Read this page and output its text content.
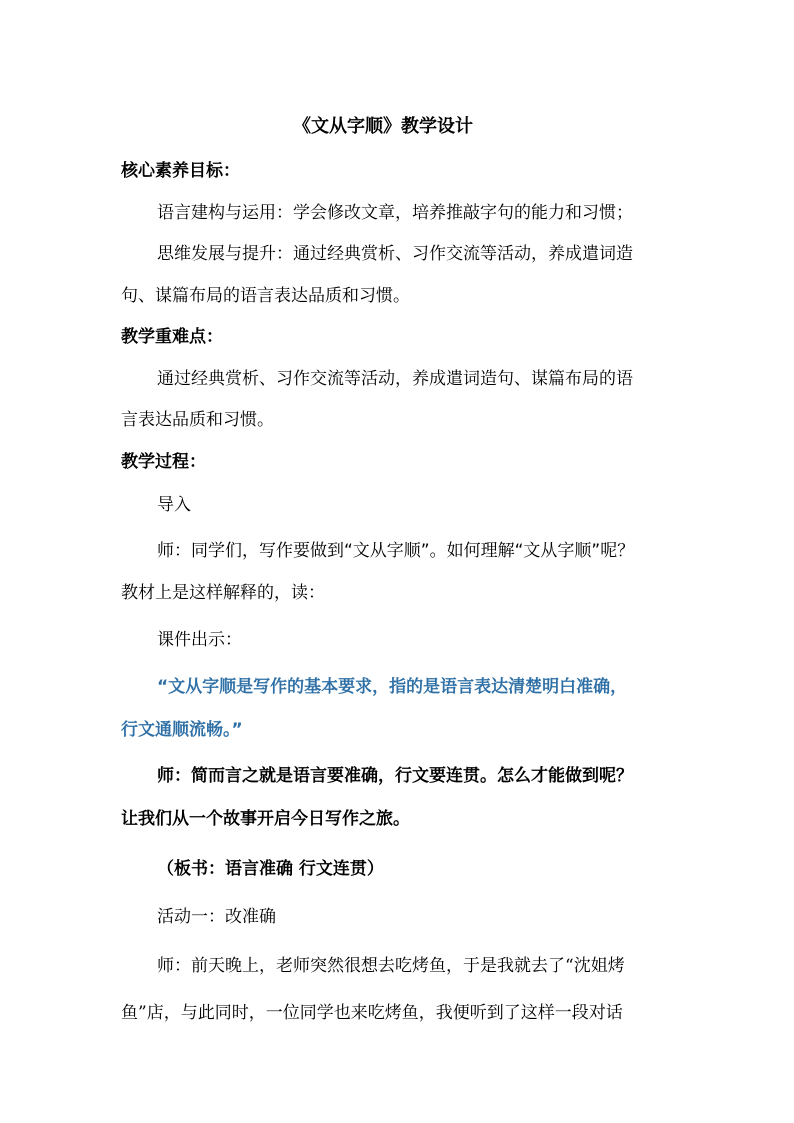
《文从字顺》教学设计
核心素养目标：
语言建构与运用：学会修改文章，培养推敲字句的能力和习惯；
思维发展与提升：通过经典赏析、习作交流等活动，养成遣词造
句、谋篇布局的语言表达品质和习惯。
教学重难点：
通过经典赏析、习作交流等活动，养成遣词造句、谋篇布局的语
言表达品质和习惯。
教学过程：
导入
师：同学们，写作要做到“文从字顺”。如何理解“文从字顺”呢？
教材上是这样解释的，读：
课件出示：
“文从字顺是写作的基本要求，指的是语言表达清楚明白准确，
行文通顺流畅。”
师：简而言之就是语言要准确，行文要连贯。怎么才能做到呢？
让我们从一个故事开启今日写作之旅。
（板书：语言准确 行文连贯）
活动一：改准确
师：前天晚上，老师突然很想去吃烤鱼，于是我就去了“沈姐烤
鱼”店，与此同时，一位同学也来吃烤鱼，我便听到了这样一段对话
